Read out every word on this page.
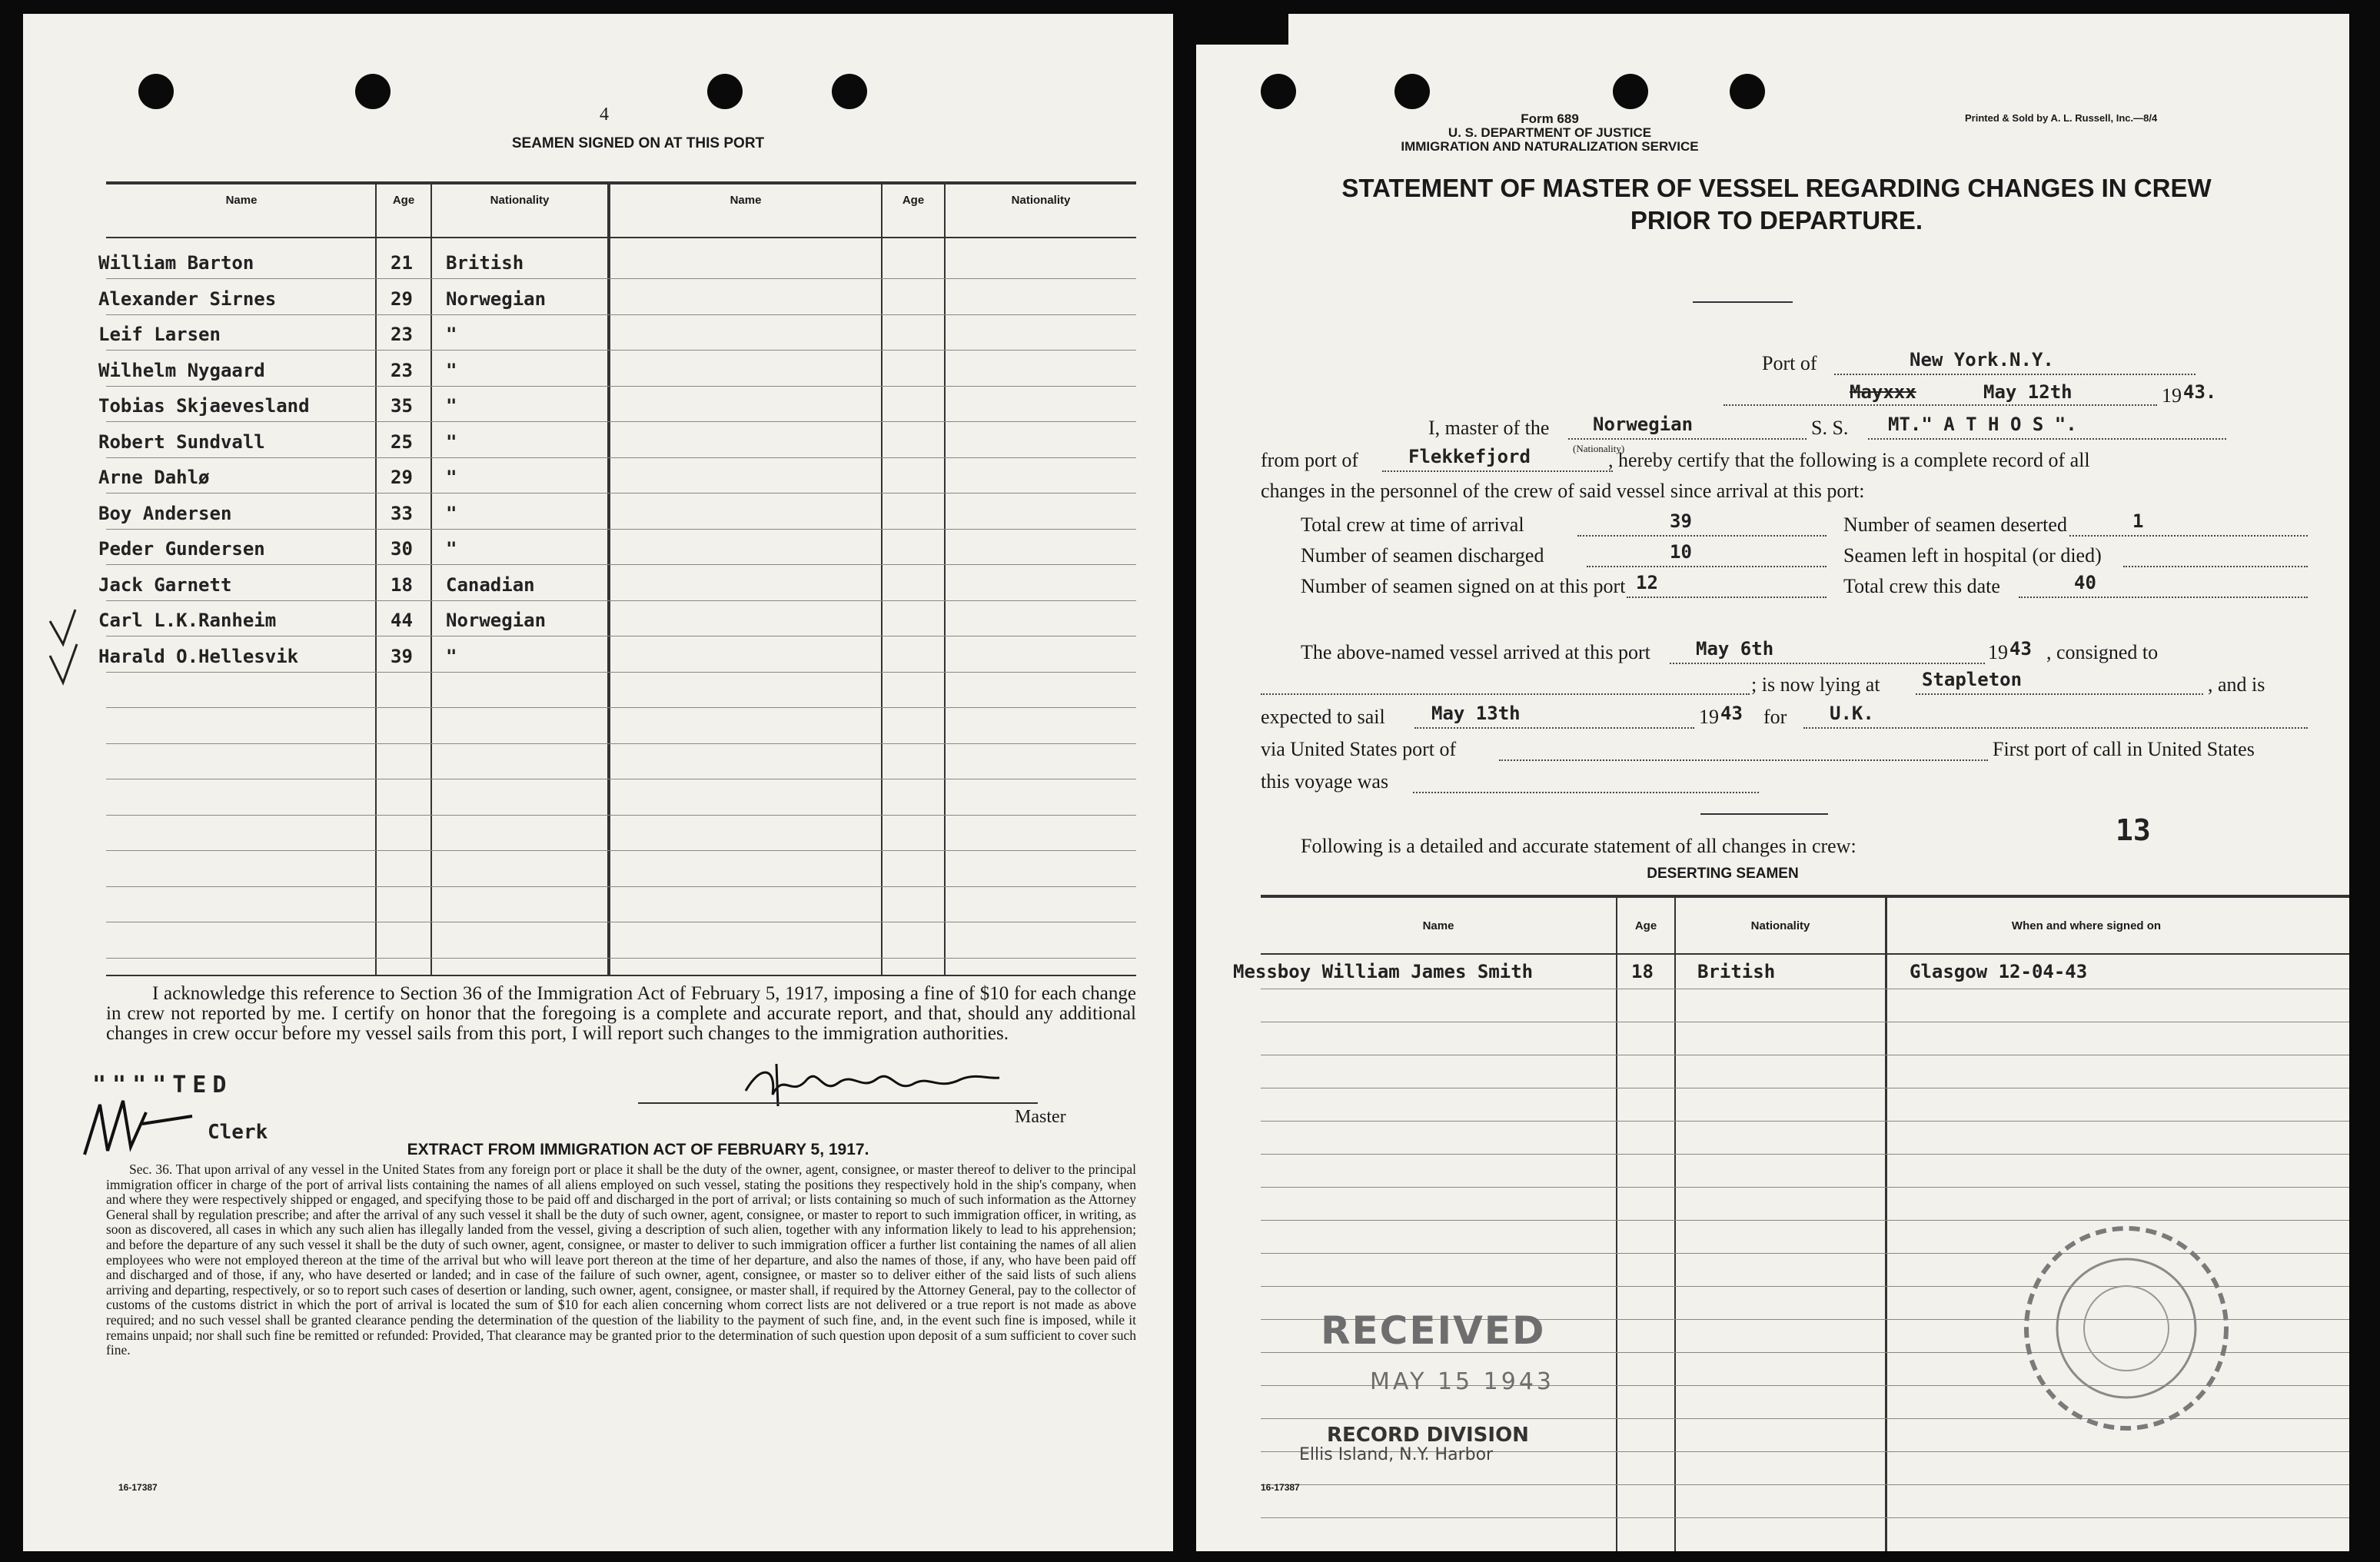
4
SEAMEN SIGNED ON AT THIS PORT
Name	Age	Nationality	Name	Age	Nationality
William Barton	21 British
Alexander Sirnes	29 Norwegian
Leif Larsen	23 "
Wilhelm Nygaard	23 "
Tobias Skjaevesland	35 "
Robert Sundvall	25 "
Arne Dahlø	29 "
Boy Andersen	33 "
Peder Gundersen	30 "
Jack Garnett	18 Canadian
Carl L.K.Ranheim	44 Norwegian
Harald O.Hellesvik	39 "
I acknowledge this reference to Section 36 of the Immigration Act of February 5, 1917, imposing a fine of $10 for each change in crew not reported by me. I certify on honor that the foregoing is a complete and accurate report, and that, should any additional changes in crew occur before my vessel sails from this port, I will report such changes to the immigration authorities.
""""TED
Master
Clerk
EXTRACT FROM IMMIGRATION ACT OF FEBRUARY 5, 1917.
Sec. 36. That upon arrival of any vessel in the United States from any foreign port or place it shall be the duty of the owner, agent, consignee, or master thereof to deliver to the principal immigration officer in charge of the port of arrival lists containing the names of all aliens employed on such vessel, stating the positions they respectively hold in the ship's company, when and where they were respectively shipped or engaged, and specifying those to be paid off and discharged in the port of arrival; or lists containing so much of such information as the Attorney General shall by regulation prescribe; and after the arrival of any such vessel it shall be the duty of such owner, agent, consignee, or master to report to such immigration officer, in writing, as soon as discovered, all cases in which any such alien has illegally landed from the vessel, giving a description of such alien, together with any information likely to lead to his apprehension; and before the departure of any such vessel it shall be the duty of such owner, agent, consignee, or master to deliver to such immigration officer a further list containing the names of all alien employees who were not employed thereon at the time of the arrival but who will leave port thereon at the time of her departure, and also the names of those, if any, who have been paid off and discharged and of those, if any, who have deserted or landed; and in case of the failure of such owner, agent, consignee, or master so to deliver either of the said lists of such aliens arriving and departing, respectively, or so to report such cases of desertion or landing, such owner, agent, consignee, or master shall, if required by the Attorney General, pay to the collector of customs of the customs district in which the port of arrival is located the sum of $10 for each alien concerning whom correct lists are not delivered or a true report is not made as above required; and no such vessel shall be granted clearance pending the determination of the question of the liability to the payment of such fine, and, in the event such fine is imposed, while it remains unpaid; nor shall such fine be remitted or refunded: Provided, That clearance may be granted prior to the determination of such question upon deposit of a sum sufficient to cover such fine.
16-17387
Form 689
U. S. DEPARTMENT OF JUSTICE
IMMIGRATION AND NATURALIZATION SERVICE
Printed & Sold by A. L. Russell, Inc.—8/4
STATEMENT OF MASTER OF VESSEL REGARDING CHANGES IN CREW
PRIOR TO DEPARTURE.
Port of	New York.N.Y.
Mayxxx	May 12th	19 43.
I, master of the Norwegian	S. S. MT." A T H O S ".
from port of	Flekkefjord	(Nationality)
, hereby certify that the following is a complete record of all
changes in the personnel of the crew of said vessel since arrival at this port:
Total crew at time of arrival	39	Number of seamen deserted	1
Number of seamen discharged	10	Seamen left in hospital (or died)
Number of seamen signed on at this port 12	Total crew this date	40
The above-named vessel arrived at this port May 6th	19 43 , consigned to
; is now lying at Stapleton	, and is
expected to sail	May 13th	19 43 for U.K.
via United States port of	First port of call in United States
this voyage was
Following is a detailed and accurate statement of all changes in crew:	13
DESERTING SEAMEN
Name	Age	Nationality	When and where signed on
Messboy William James Smith	18 British	Glasgow 12-04-43
RECEIVED
MAY 15 1943
RECORD DIVISION
Ellis Island, N.Y. Harbor
16-17387
